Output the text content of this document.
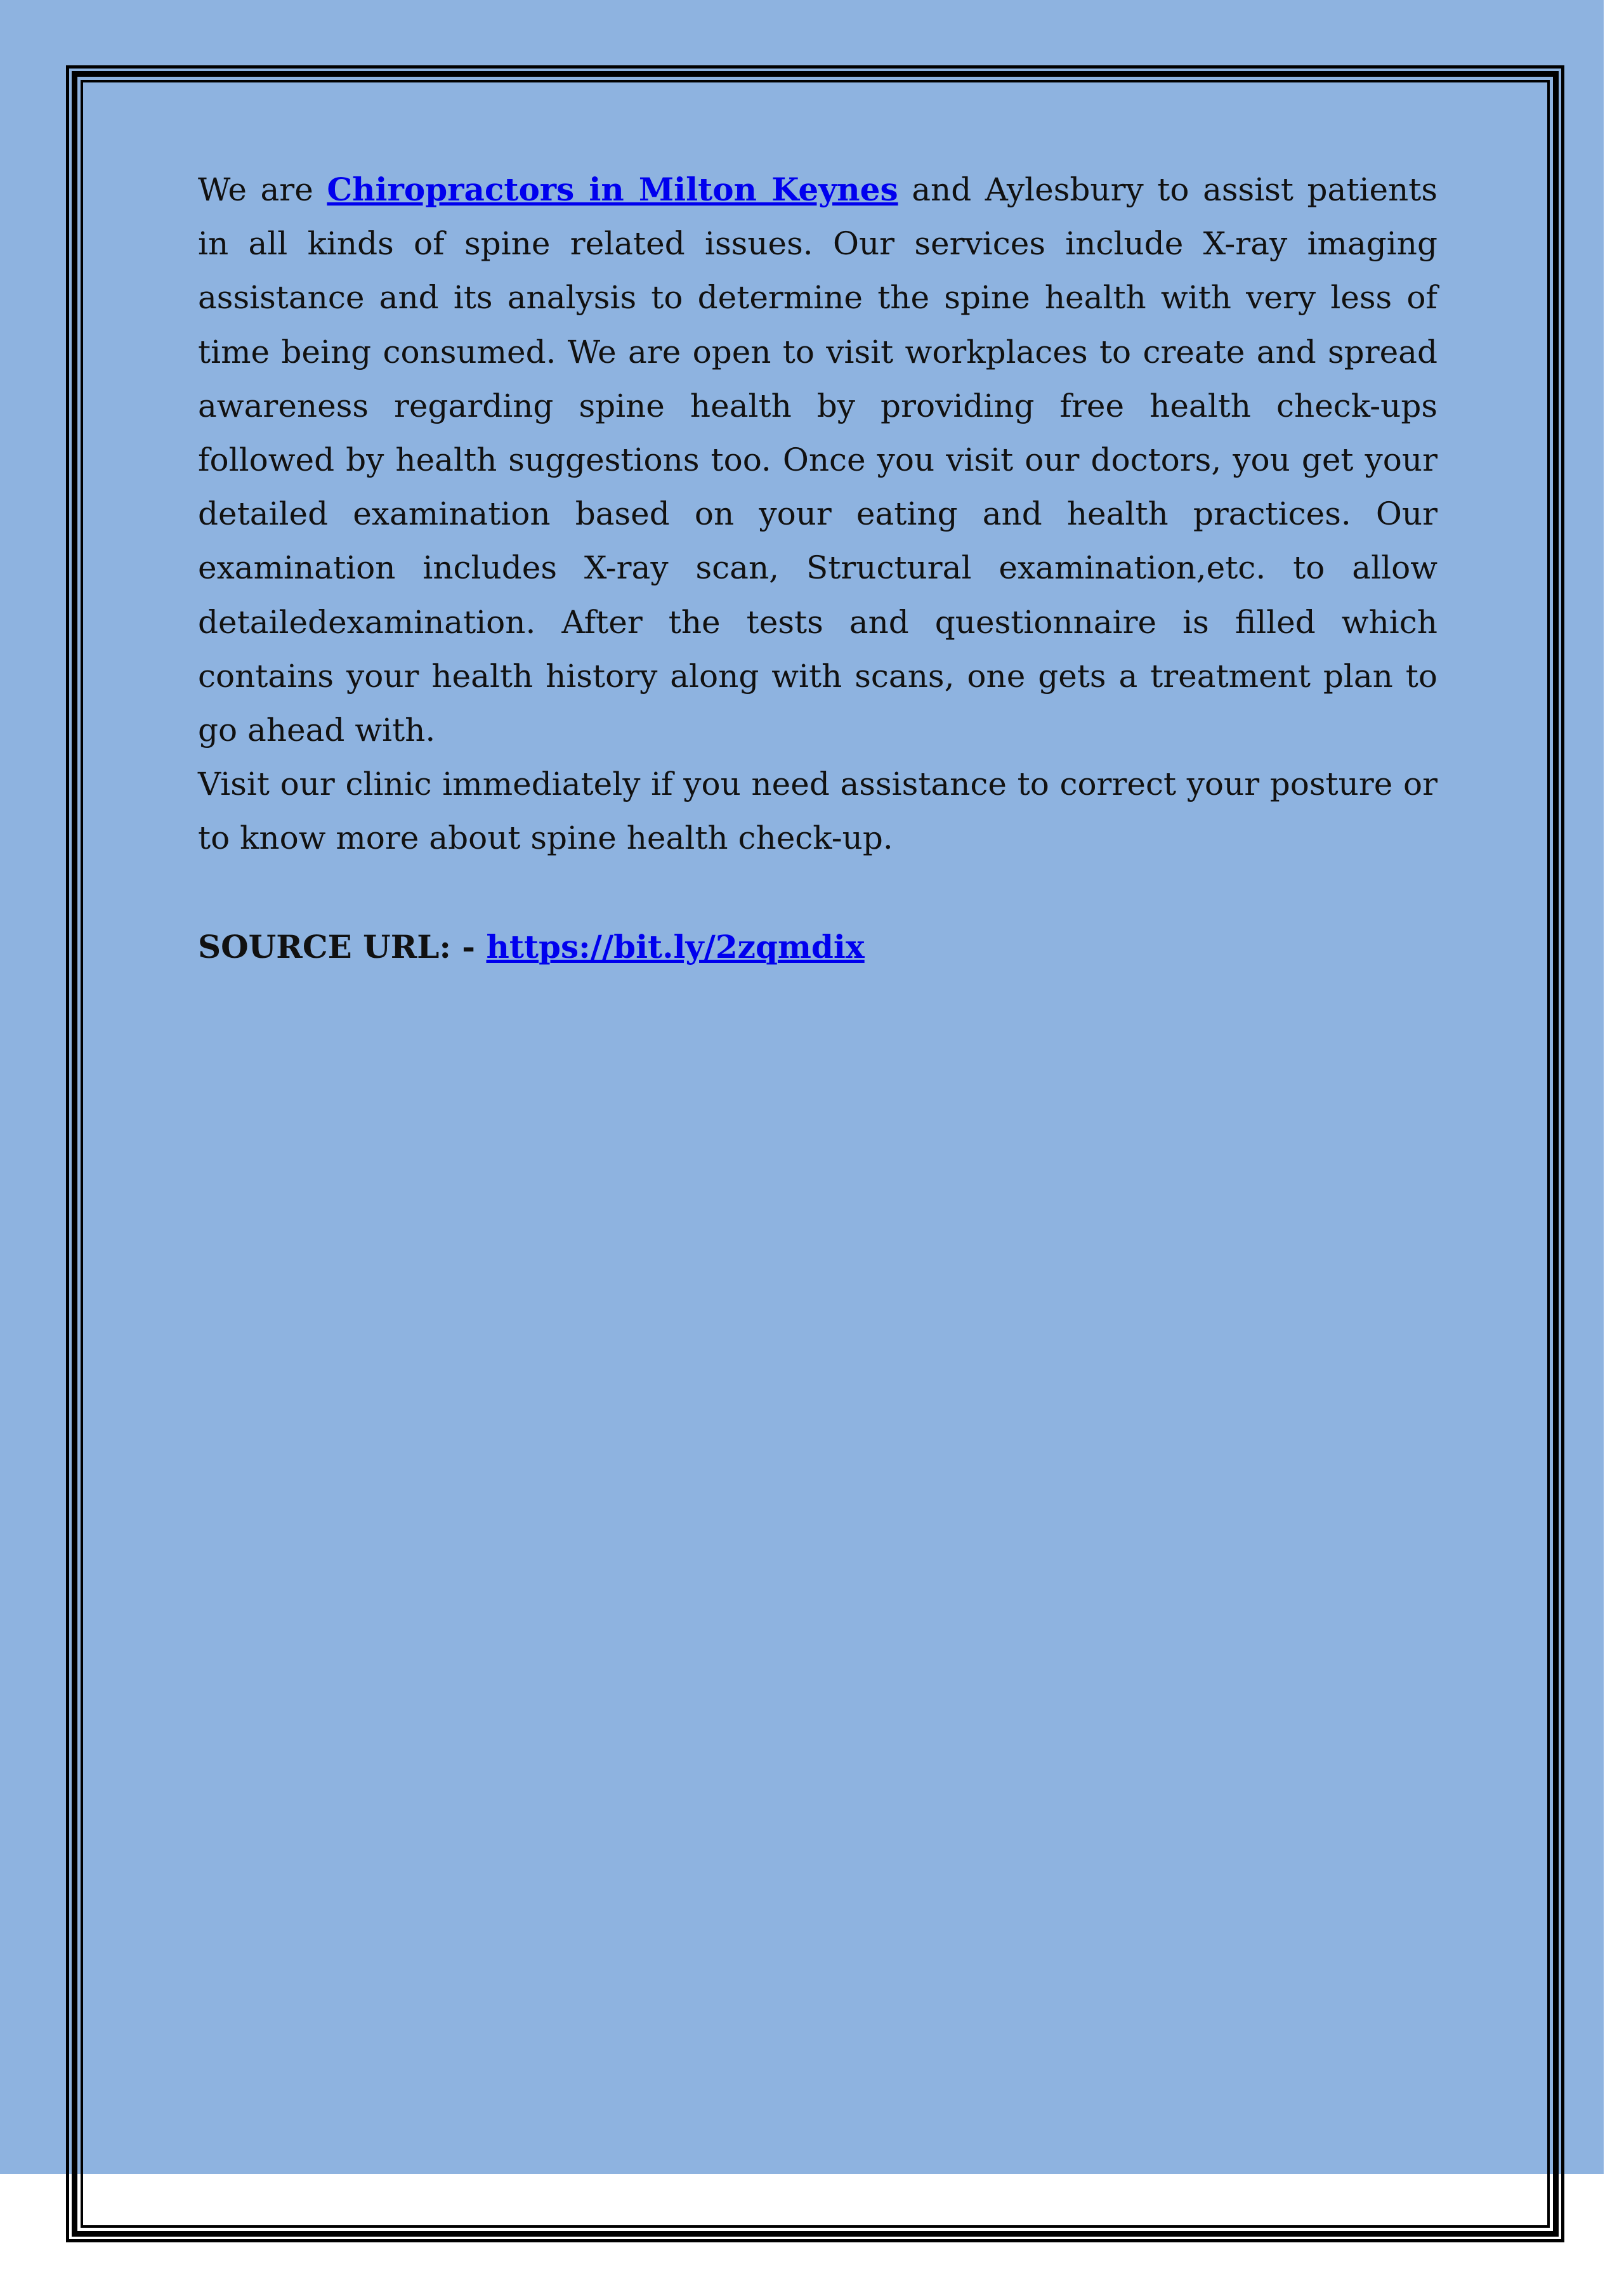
We are Chiropractors in Milton Keynes and Aylesbury to assist patients in all kinds of spine related issues. Our services include X-ray imaging assistance and its analysis to determine the spine health with very less of time being consumed. We are open to visit workplaces to create and spread awareness regarding spine health by providing free health check-ups followed by health suggestions too. Once you visit our doctors, you get your detailed examination based on your eating and health practices. Our examination includes X-ray scan, Structural examination,etc. to allow detailedexamination. After the tests and questionnaire is filled which contains your health history along with scans, one gets a treatment plan to go ahead with.

Visit our clinic immediately if you need assistance to correct your posture or to know more about spine health check-up.

SOURCE URL: - https://bit.ly/2zqmdix
